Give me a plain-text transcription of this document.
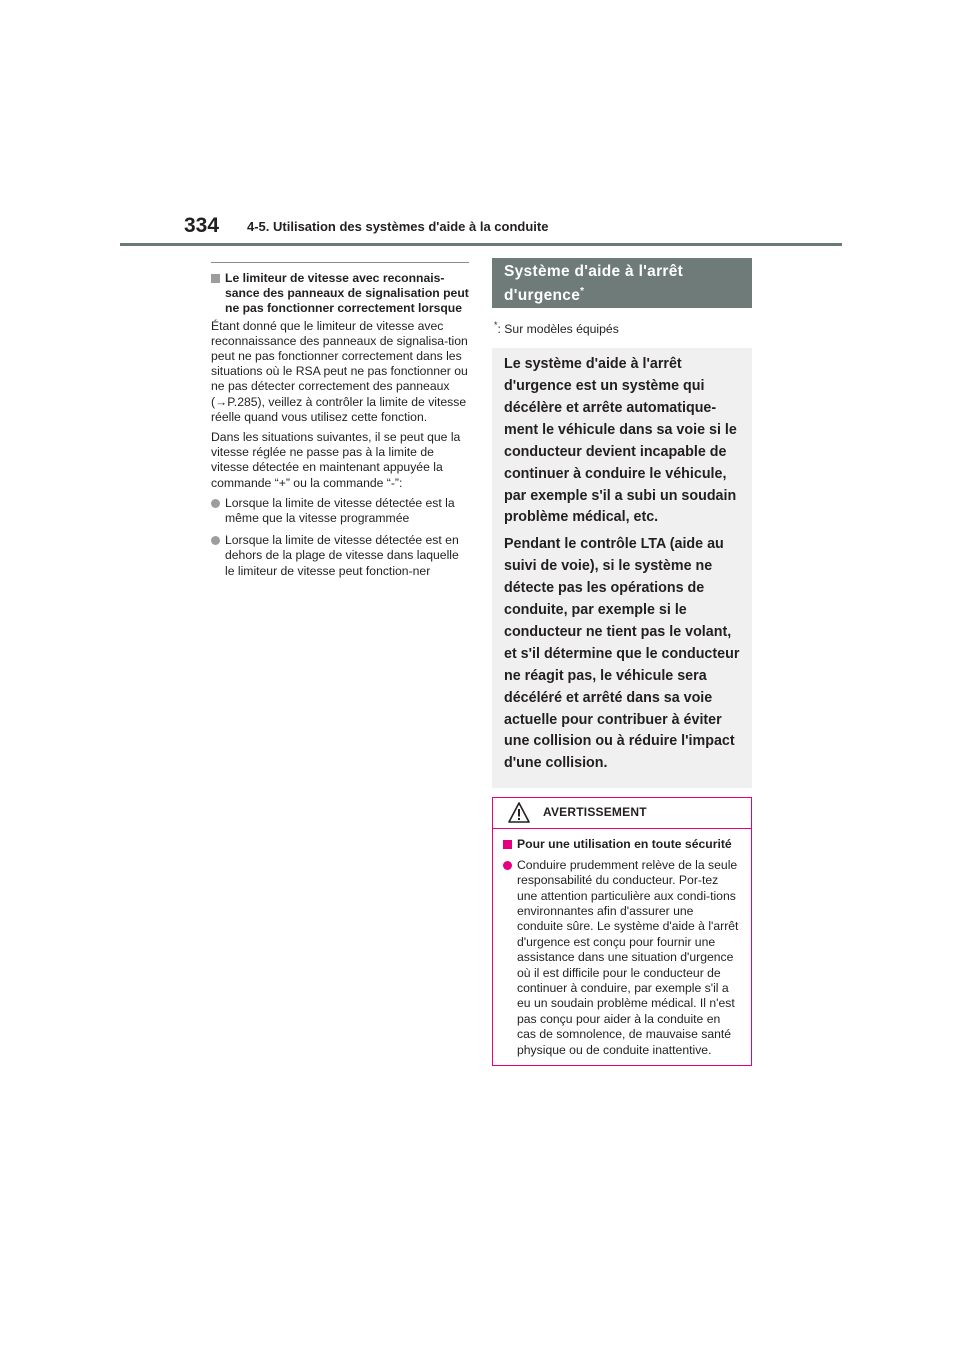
334 4-5. Utilisation des systèmes d'aide à la conduite
Le limiteur de vitesse avec reconnais-sance des panneaux de signalisation peut ne pas fonctionner correctement lorsque

Étant donné que le limiteur de vitesse avec reconnaissance des panneaux de signalisa-tion peut ne pas fonctionner correctement dans les situations où le RSA peut ne pas fonctionner ou ne pas détecter correctement des panneaux (→P.285), veillez à contrôler la limite de vitesse réelle quand vous utilisez cette fonction.

Dans les situations suivantes, il se peut que la vitesse réglée ne passe pas à la limite de vitesse détectée en maintenant appuyée la commande “+” ou la commande “-”:

Lorsque la limite de vitesse détectée est la même que la vitesse programmée
Lorsque la limite de vitesse détectée est en dehors de la plage de vitesse dans laquelle le limiteur de vitesse peut fonction-ner
Système d'aide à l'arrêt d'urgence*
*: Sur modèles équipés

Le système d'aide à l'arrêt d'urgence est un système qui décélère et arrête automatique-ment le véhicule dans sa voie si le conducteur devient incapable de continuer à conduire le véhicule, par exemple s'il a subi un soudain problème médical, etc.

Pendant le contrôle LTA (aide au suivi de voie), si le système ne détecte pas les opérations de conduite, par exemple si le conducteur ne tient pas le volant, et s'il détermine que le conducteur ne réagit pas, le véhicule sera décéléré et arrêté dans sa voie actuelle pour contribuer à éviter une collision ou à réduire l'impact d'une collision.

AVERTISSEMENT
Pour une utilisation en toute sécurité
Conduire prudemment relève de la seule responsabilité du conducteur. Por-tez une attention particulière aux condi-tions environnantes afin d'assurer une conduite sûre. Le système d'aide à l'arrêt d'urgence est conçu pour fournir une assistance dans une situation d'urgence où il est difficile pour le conducteur de continuer à conduire, par exemple s'il a eu un soudain problème médical. Il n'est pas conçu pour aider à la conduite en cas de somnolence, de mauvaise santé physique ou de conduite inattentive.
